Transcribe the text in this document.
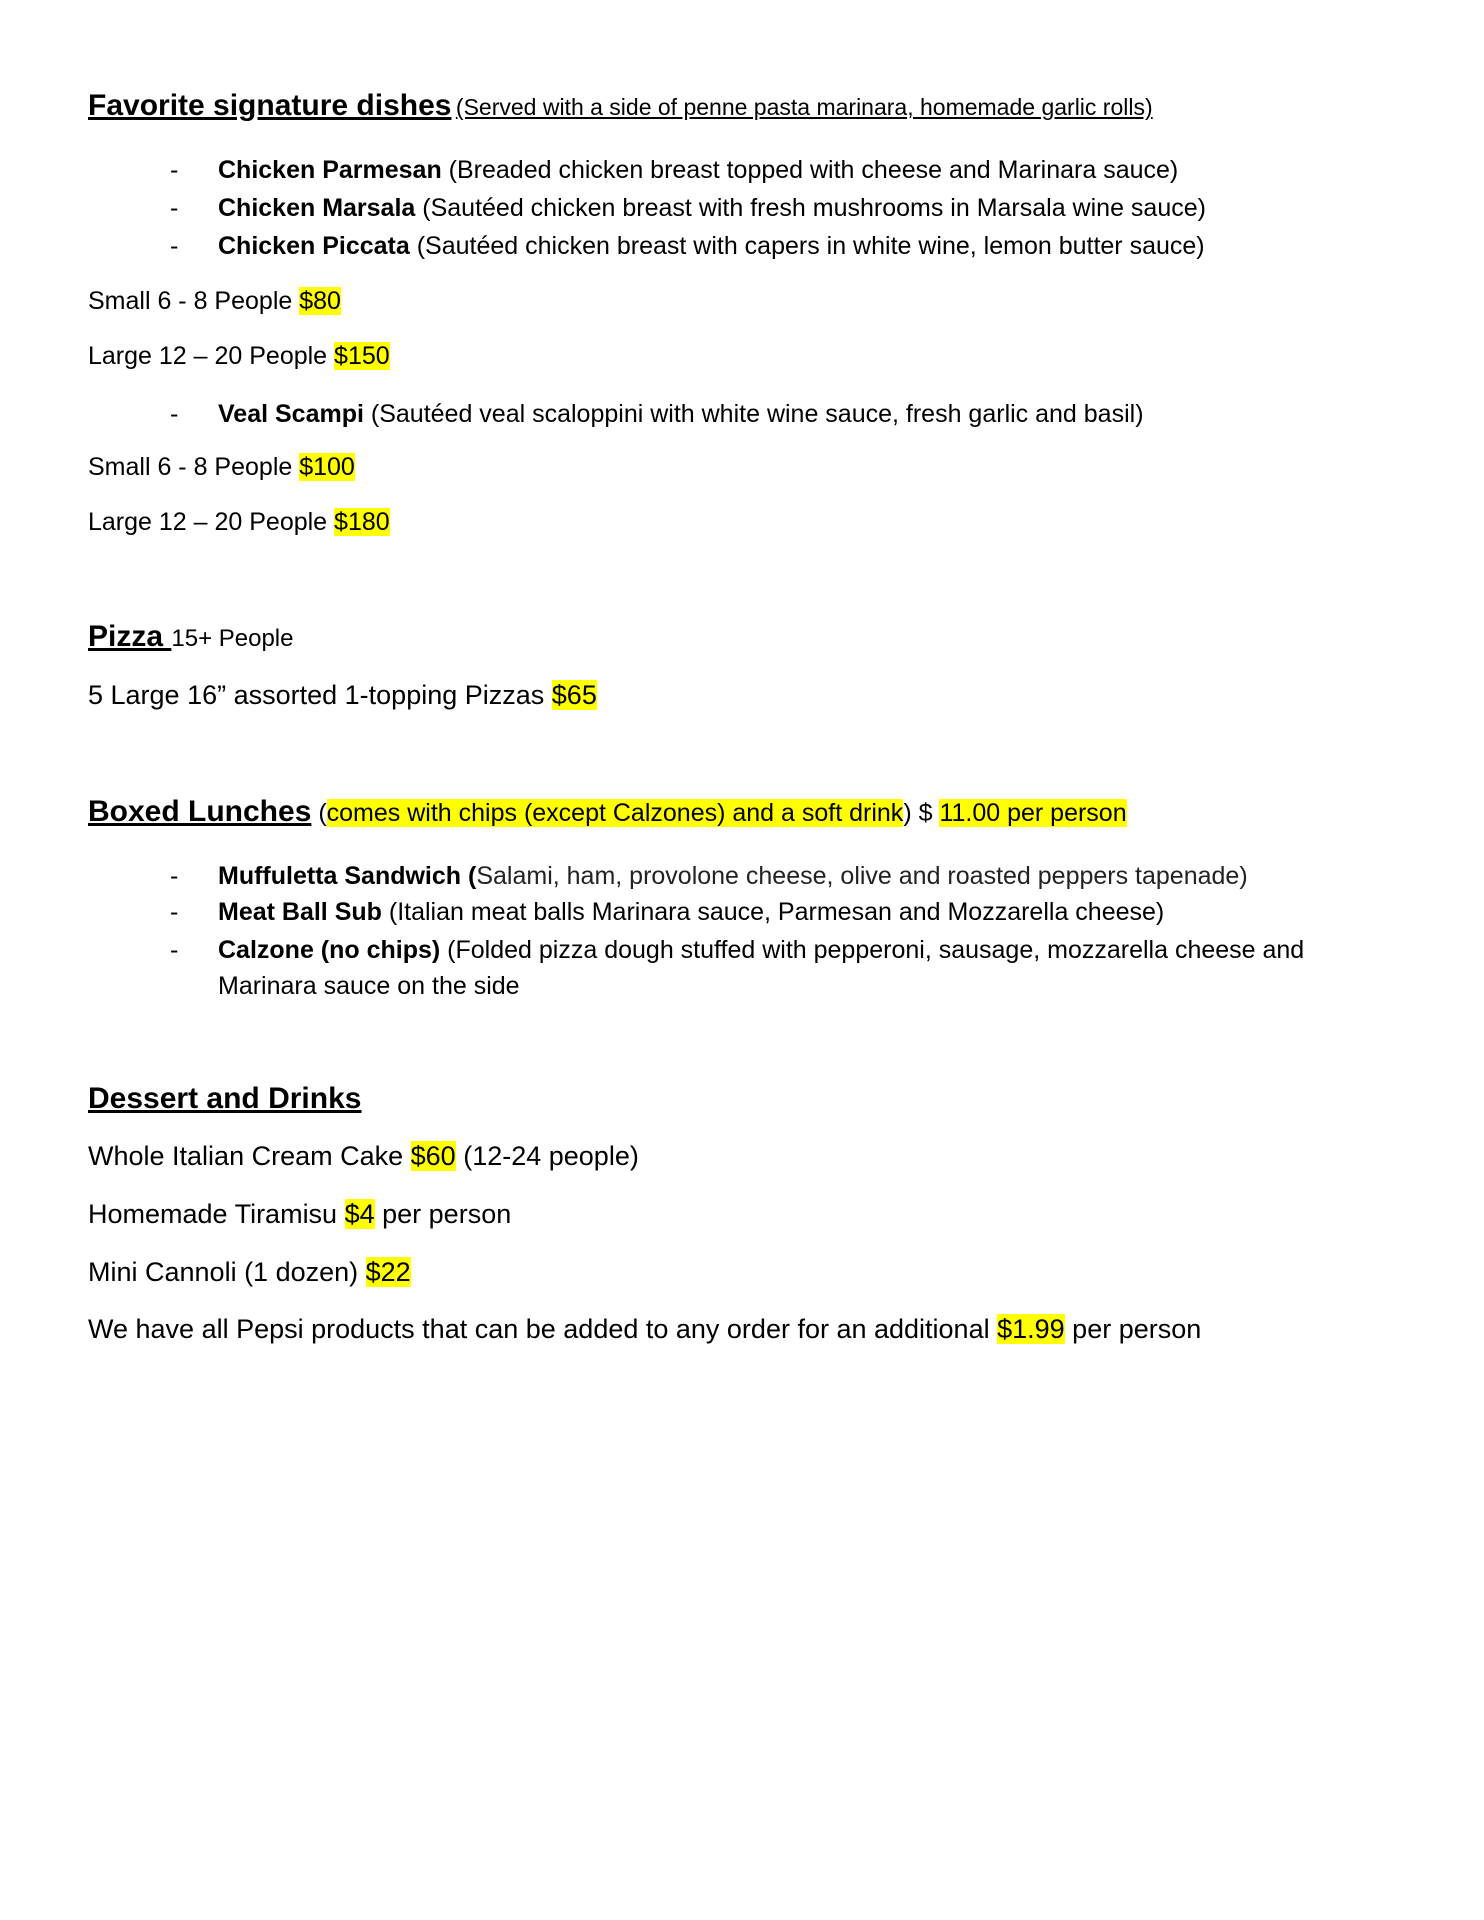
Favorite signature dishes (Served with a side of penne pasta marinara, homemade garlic rolls)
- Chicken Parmesan (Breaded chicken breast topped with cheese and Marinara sauce)
- Chicken Marsala (Sautéed chicken breast with fresh mushrooms in Marsala wine sauce)
- Chicken Piccata (Sautéed chicken breast with capers in white wine, lemon butter sauce)
Small 6 - 8 People $80
Large 12 – 20 People $150
- Veal Scampi (Sautéed veal scaloppini with white wine sauce, fresh garlic and basil)
Small 6 - 8 People $100
Large 12 – 20 People $180
Pizza 15+ People
5 Large 16” assorted 1-topping Pizzas $65
Boxed Lunches (comes with chips (except Calzones) and a soft drink) $ 11.00 per person
- Muffuletta Sandwich (Salami, ham, provolone cheese, olive and roasted peppers tapenade)
- Meat Ball Sub (Italian meat balls Marinara sauce, Parmesan and Mozzarella cheese)
- Calzone (no chips) (Folded pizza dough stuffed with pepperoni, sausage, mozzarella cheese and Marinara sauce on the side
Dessert and Drinks
Whole Italian Cream Cake $60 (12-24 people)
Homemade Tiramisu $4 per person
Mini Cannoli (1 dozen) $22
We have all Pepsi products that can be added to any order for an additional $1.99 per person
